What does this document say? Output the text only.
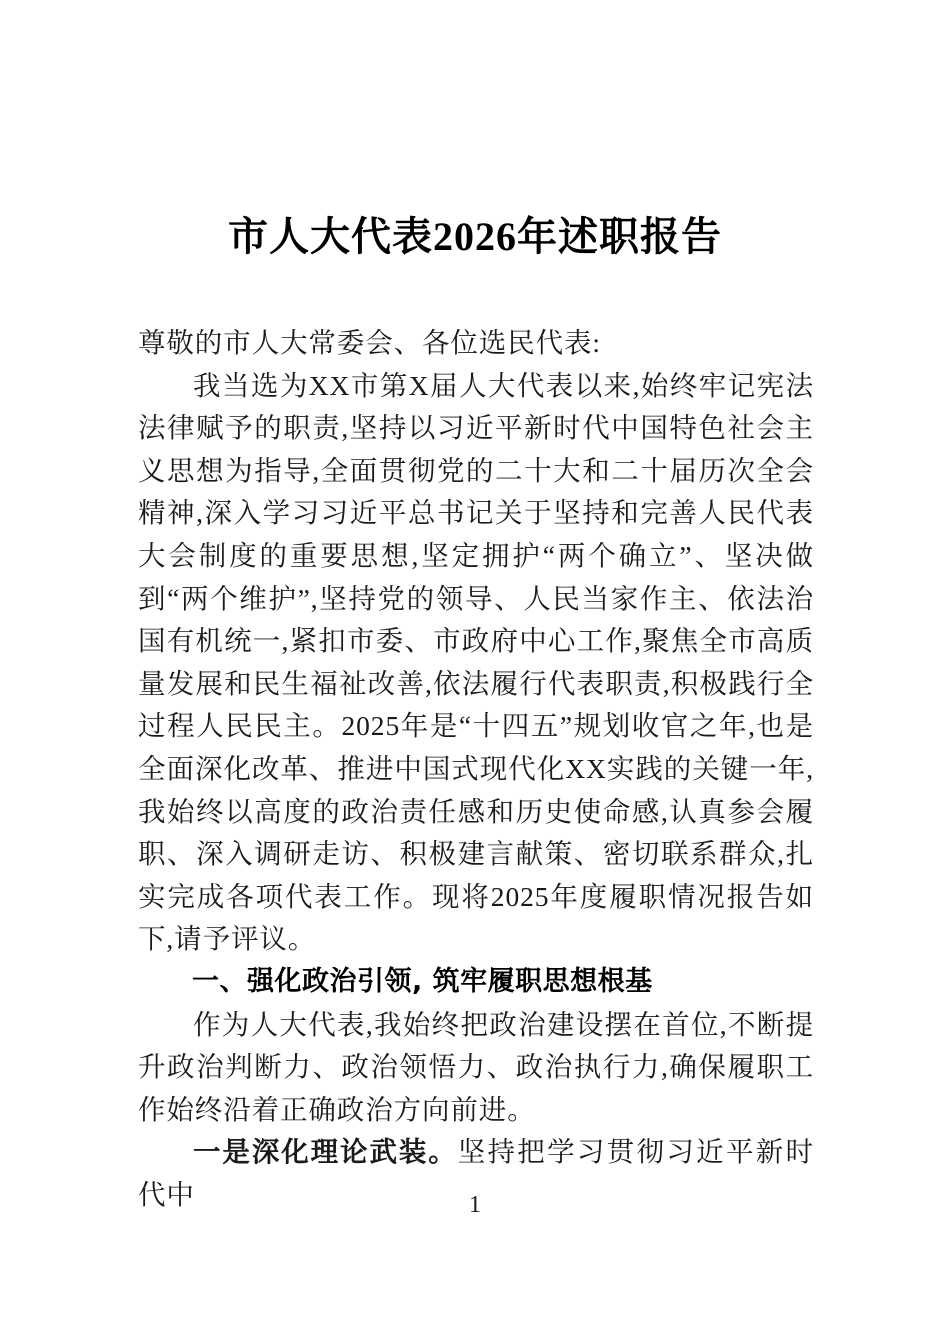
市人大代表2026年述职报告

尊敬的市人大常委会、各位选民代表:

我当选为XX市第X届人大代表以来,始终牢记宪法法律赋予的职责,坚持以习近平新时代中国特色社会主义思想为指导,全面贯彻党的二十大和二十届历次全会精神,深入学习习近平总书记关于坚持和完善人民代表大会制度的重要思想,坚定拥护“两个确立”、坚决做到“两个维护”,坚持党的领导、人民当家作主、依法治国有机统一,紧扣市委、市政府中心工作,聚焦全市高质量发展和民生福祉改善,依法履行代表职责,积极践行全过程人民民主。2025年是“十四五”规划收官之年,也是全面深化改革、推进中国式现代化XX实践的关键一年,我始终以高度的政治责任感和历史使命感,认真参会履职、深入调研走访、积极建言献策、密切联系群众,扎实完成各项代表工作。现将2025年度履职情况报告如下,请予评议。

一、强化政治引领, 筑牢履职思想根基

作为人大代表,我始终把政治建设摆在首位,不断提升政治判断力、政治领悟力、政治执行力,确保履职工作始终沿着正确政治方向前进。

一是深化理论武装。坚持把学习贯彻习近平新时代中	1
